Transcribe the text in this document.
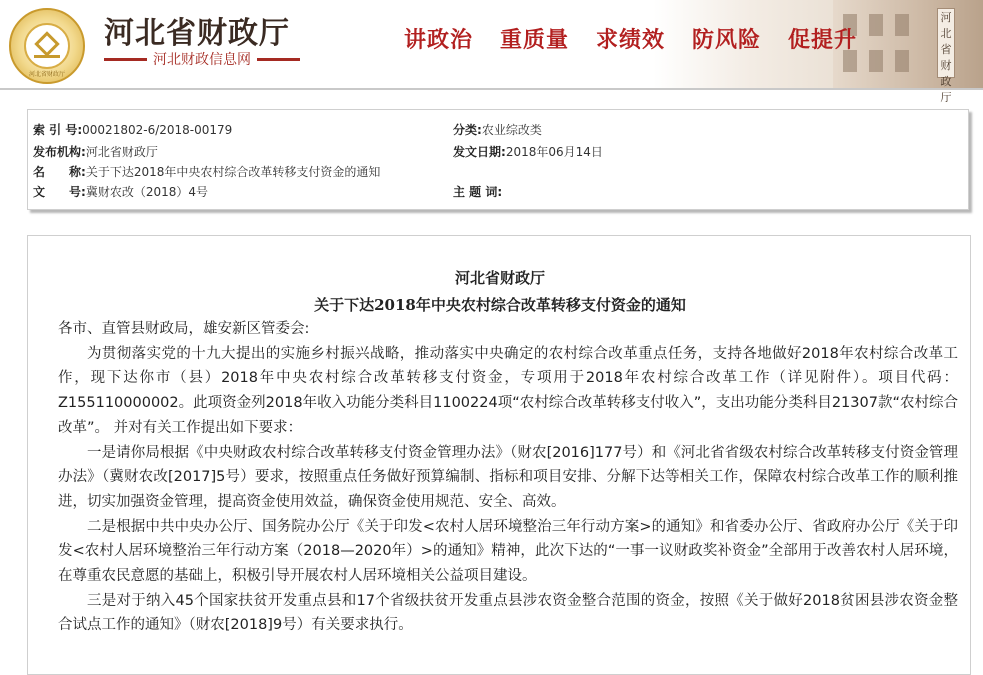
河
北
省
财
政
厅
河北省财政厅
河北省财政厅
河北财政信息网
讲政治	重质量	求绩效	防风险	促提升
索 引 号:00021802-6/2018-00179	分类:农业综改类
发布机构:河北省财政厅	发文日期:2018年06月14日
名　　称:关于下达2018年中央农村综合改革转移支付资金的通知
文　　号:冀财农改（2018）4号	主 题 词:
河北省财政厅
关于下达2018年中央农村综合改革转移支付资金的通知

各市、直管县财政局，雄安新区管委会:

为贯彻落实党的十九大提出的实施乡村振兴战略，推动落实中央确定的农村综合改革重点任务，支持各地做好2018年农村综合改革工作，现下达你市（县）2018年中央农村综合改革转移支付资金，专项用于2018年农村综合改革工作（详见附件）。项目代码：Z155110000002。此项资金列2018年收入功能分类科目1100224项“农村综合改革转移支付收入”，支出功能分类科目21307款“农村综合改革”。 并对有关工作提出如下要求：

一是请你局根据《中央财政农村综合改革转移支付资金管理办法》（财农[2016]177号）和《河北省省级农村综合改革转移支付资金管理办法》（冀财农改[2017]5号）要求，按照重点任务做好预算编制、指标和项目安排、分解下达等相关工作，保障农村综合改革工作的顺利推进，切实加强资金管理，提高资金使用效益，确保资金使用规范、安全、高效。

二是根据中共中央办公厅、国务院办公厅《关于印发<农村人居环境整治三年行动方案>的通知》和省委办公厅、省政府办公厅《关于印发<农村人居环境整治三年行动方案（2018—2020年）>的通知》精神，此次下达的“一事一议财政奖补资金”全部用于改善农村人居环境，在尊重农民意愿的基础上，积极引导开展农村人居环境相关公益项目建设。

三是对于纳入45个国家扶贫开发重点县和17个省级扶贫开发重点县涉农资金整合范围的资金，按照《关于做好2018贫困县涉农资金整合试点工作的通知》（财农[2018]9号）有关要求执行。
